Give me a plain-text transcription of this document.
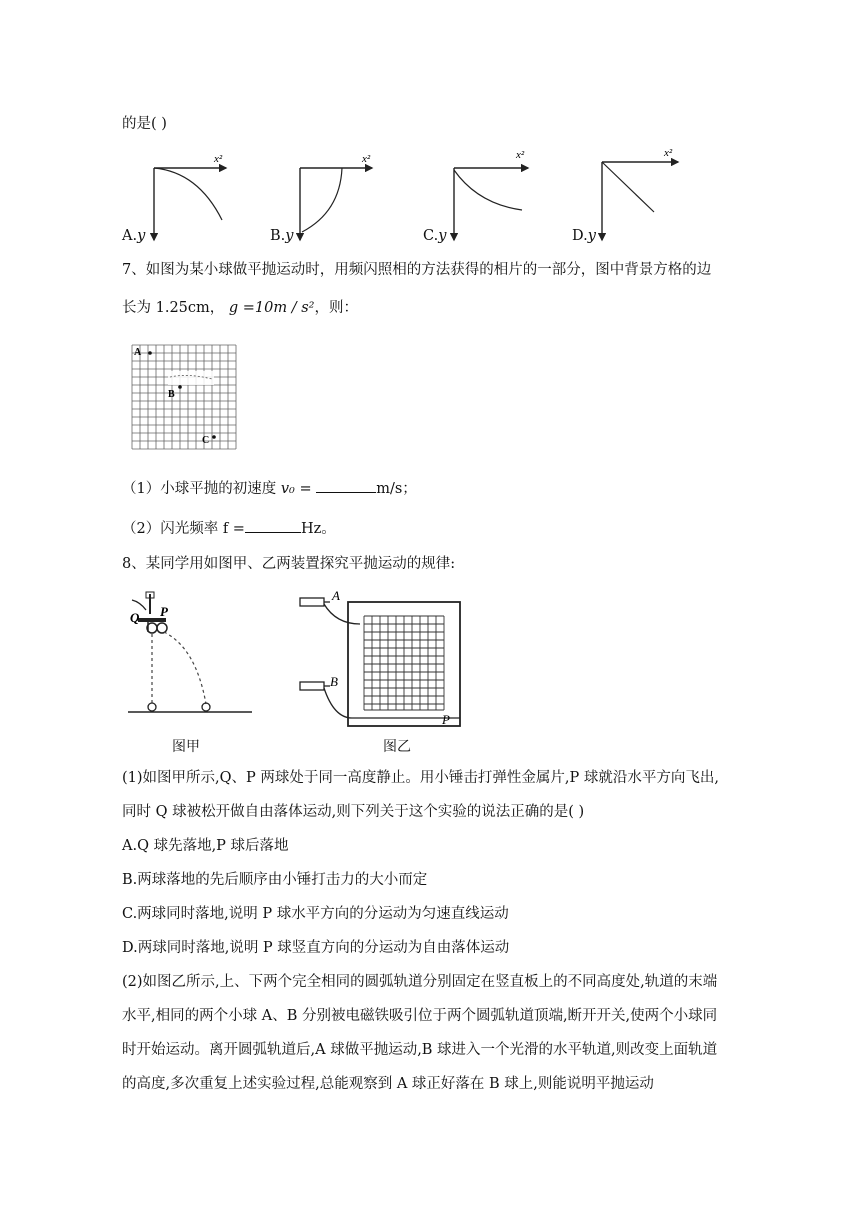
的是( )
x²	x²	x²	x²
A.y	B.y	C.y	D.y
7、如图为某小球做平抛运动时，用频闪照相的方法获得的相片的一部分，图中背景方格的边
长为 1.25cm， g =10m / s²，则：
A
B
C
（1）小球平抛的初速度 v₀ =	m/s；
（2）闪光频率 f =	Hz。
8、某同学用如图甲、乙两装置探究平抛运动的规律:
Q P
图甲
A
B
P
图乙
(1)如图甲所示,Q、P 两球处于同一高度静止。用小锤击打弹性金属片,P 球就沿水平方向飞出,
同时 Q 球被松开做自由落体运动,则下列关于这个实验的说法正确的是( )
A.Q 球先落地,P 球后落地
B.两球落地的先后顺序由小锤打击力的大小而定
C.两球同时落地,说明 P 球水平方向的分运动为匀速直线运动
D.两球同时落地,说明 P 球竖直方向的分运动为自由落体运动
(2)如图乙所示,上、下两个完全相同的圆弧轨道分别固定在竖直板上的不同高度处,轨道的末端
水平,相同的两个小球 A、B 分别被电磁铁吸引位于两个圆弧轨道顶端,断开开关,使两个小球同
时开始运动。离开圆弧轨道后,A 球做平抛运动,B 球进入一个光滑的水平轨道,则改变上面轨道
的高度,多次重复上述实验过程,总能观察到 A 球正好落在 B 球上,则能说明平抛运动
